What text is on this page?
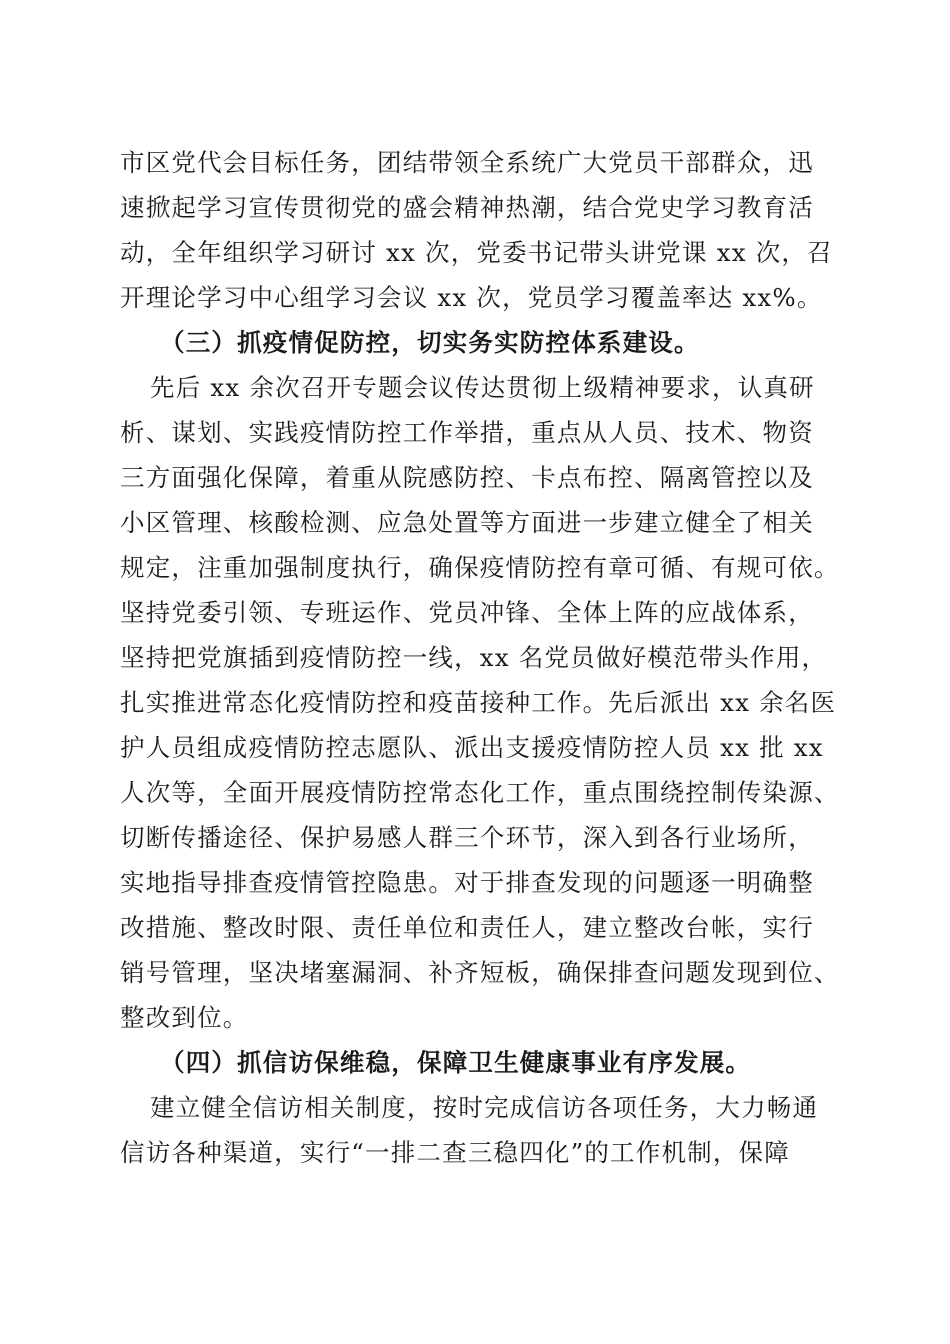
市区党代会目标任务，团结带领全系统广大党员干部群众，迅
速掀起学习宣传贯彻党的盛会精神热潮，结合党史学习教育活
动，全年组织学习研讨 xx 次，党委书记带头讲党课 xx 次，召
开理论学习中心组学习会议 xx 次，党员学习覆盖率达 xx%。
（三）抓疫情促防控，切实务实防控体系建设。
先后 xx 余次召开专题会议传达贯彻上级精神要求，认真研
析、谋划、实践疫情防控工作举措，重点从人员、技术、物资
三方面强化保障，着重从院感防控、卡点布控、隔离管控以及
小区管理、核酸检测、应急处置等方面进一步建立健全了相关
规定，注重加强制度执行，确保疫情防控有章可循、有规可依。
坚持党委引领、专班运作、党员冲锋、全体上阵的应战体系，
坚持把党旗插到疫情防控一线，xx 名党员做好模范带头作用，
扎实推进常态化疫情防控和疫苗接种工作。先后派出 xx 余名医
护人员组成疫情防控志愿队、派出支援疫情防控人员 xx 批 xx
人次等，全面开展疫情防控常态化工作，重点围绕控制传染源、
切断传播途径、保护易感人群三个环节，深入到各行业场所，
实地指导排查疫情管控隐患。对于排查发现的问题逐一明确整
改措施、整改时限、责任单位和责任人，建立整改台帐，实行
销号管理，坚决堵塞漏洞、补齐短板，确保排查问题发现到位、
整改到位。
（四）抓信访保维稳，保障卫生健康事业有序发展。
建立健全信访相关制度，按时完成信访各项任务，大力畅通
信访各种渠道，实行“一排二查三稳四化”的工作机制，保障
